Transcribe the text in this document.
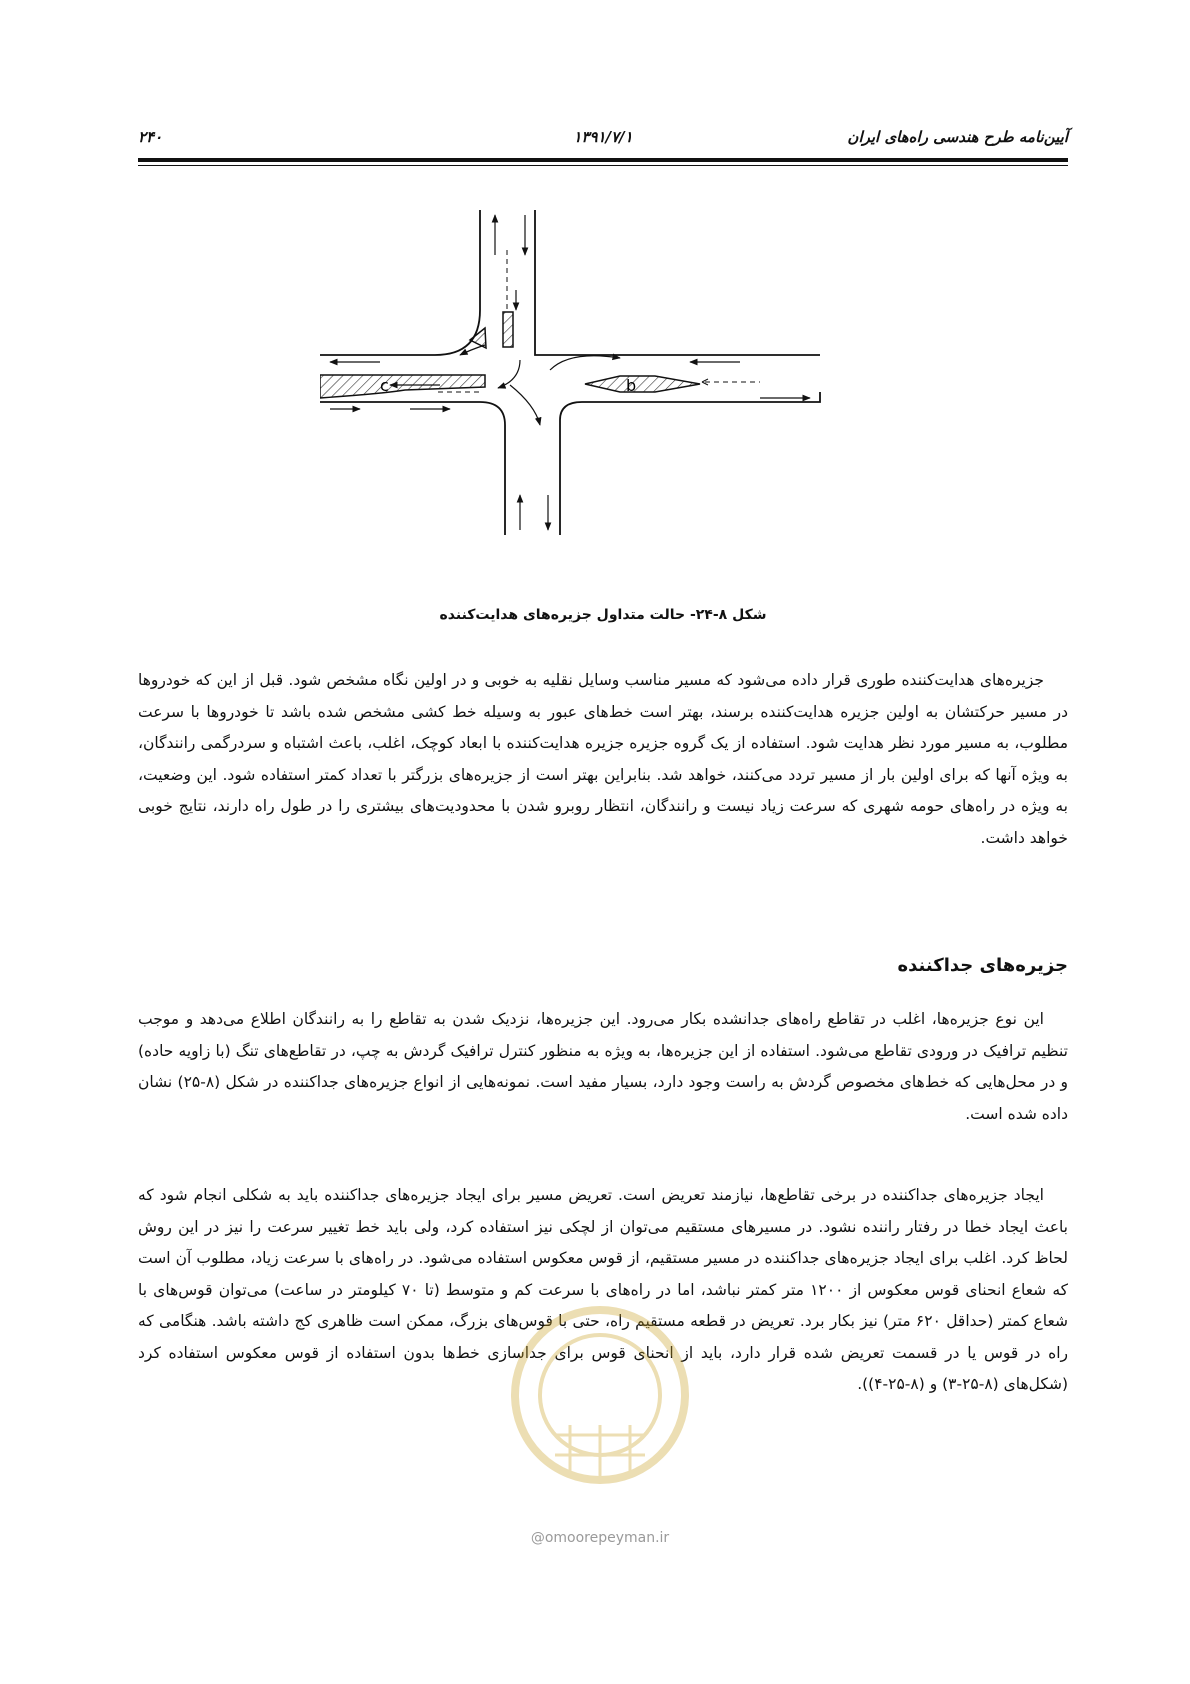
آیین‌نامه طرح هندسی راه‌های ایران
۱۳۹۱/۷/۱
۲۴۰
c	b
شکل ۸-۲۴- حالت متداول جزیره‌های هدایت‌کننده

جزیره‌های هدایت‌کننده طوری قرار داده می‌شود که مسیر مناسب وسایل نقلیه به خوبی و در اولین نگاه مشخص شود. قبل از این که خودروها در مسیر حرکتشان به اولین جزیره هدایت‌کننده برسند، بهتر است خط‌های عبور به وسیله خط کشی مشخص شده باشد تا خودروها با سرعت مطلوب، به مسیر مورد نظر هدایت شود. استفاده از یک گروه جزیره جزیره هدایت‌کننده با ابعاد کوچک، اغلب، باعث اشتباه و سردرگمی رانندگان، به ویژه آنها که برای اولین بار از مسیر تردد می‌کنند، خواهد شد. بنابراین بهتر است از جزیره‌های بزرگتر با تعداد کمتر استفاده شود. این وضعیت، به ویژه در راه‌های حومه شهری که سرعت زیاد نیست و رانندگان، انتظار روبرو شدن با محدودیت‌های بیشتری را در طول راه دارند، نتایج خوبی خواهد داشت.

جزیره‌های جداکننده

این نوع جزیره‌ها، اغلب در تقاطع راه‌های جدانشده بکار می‌رود. این جزیره‌ها، نزدیک شدن به تقاطع را به رانندگان اطلاع می‌دهد و موجب تنظیم ترافیک در ورودی تقاطع می‌شود. استفاده از این جزیره‌ها، به ویژه به منظور کنترل ترافیک گردش به چپ، در تقاطع‌های تنگ (با زاویه حاده) و در محل‌هایی که خط‌های مخصوص گردش به راست وجود دارد، بسیار مفید است. نمونه‌هایی از انواع جزیره‌های جداکننده در شکل (۸-۲۵) نشان داده شده است.

ایجاد جزیره‌های جداکننده در برخی تقاطع‌ها، نیازمند تعریض است. تعریض مسیر برای ایجاد جزیره‌های جداکننده باید به شکلی انجام شود که باعث ایجاد خطا در رفتار راننده نشود. در مسیرهای مستقیم می‌توان از لچکی نیز استفاده کرد، ولی باید خط تغییر سرعت را نیز در این روش لحاظ کرد. اغلب برای ایجاد جزیره‌های جداکننده در مسیر مستقیم، از قوس معکوس استفاده می‌شود. در راه‌های با سرعت زیاد، مطلوب آن است که شعاع انحنای قوس معکوس از ۱۲۰۰ متر کمتر نباشد، اما در راه‌های با سرعت کم و متوسط (تا ۷۰ کیلومتر در ساعت) می‌توان قوس‌های با شعاع کمتر (حداقل ۶۲۰ متر) نیز بکار برد. تعریض در قطعه مستقیم راه، حتی با قوس‌های بزرگ، ممکن است ظاهری کج داشته باشد. هنگامی که راه در قوس یا در قسمت تعریض شده قرار دارد، باید از انحنای قوس برای جداسازی خط‌ها بدون استفاده از قوس معکوس استفاده کرد (شکل‌های (۸-۲۵-۳) و (۸-۲۵-۴)).

@omoorepeyman.ir
